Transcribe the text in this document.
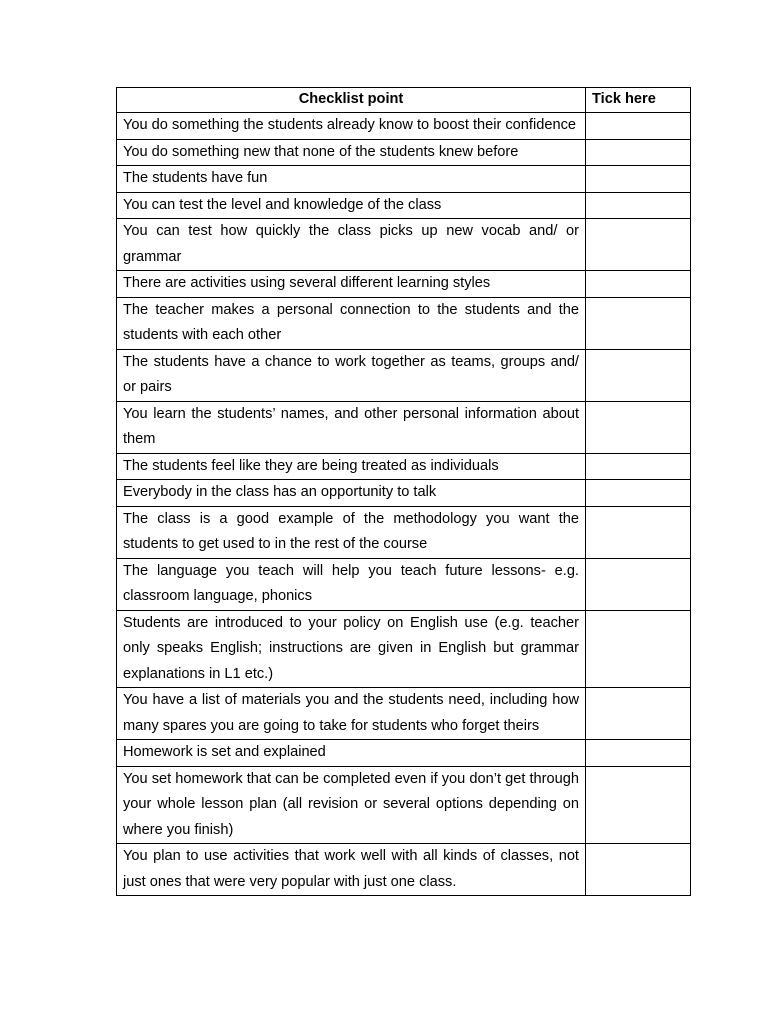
Checklist point	Tick here
You do something the students already know to boost their confidence	
You do something new that none of the students knew before	
The students have fun	
You can test the level and knowledge of the class	
You can test how quickly the class picks up new vocab and/ or grammar	
There are activities using several different learning styles	
The teacher makes a personal connection to the students and the students with each other	
The students have a chance to work together as teams, groups and/ or pairs	
You learn the students’ names, and other personal information about them	
The students feel like they are being treated as individuals	
Everybody in the class has an opportunity to talk	
The class is a good example of the methodology you want the students to get used to in the rest of the course	
The language you teach will help you teach future lessons- e.g. classroom language, phonics	
Students are introduced to your policy on English use (e.g. teacher only speaks English; instructions are given in English but grammar explanations in L1 etc.)	
You have a list of materials you and the students need, including how many spares you are going to take for students who forget theirs	
Homework is set and explained	
You set homework that can be completed even if you don’t get through your whole lesson plan (all revision or several options depending on where you finish)	
You plan to use activities that work well with all kinds of classes, not just ones that were very popular with just one class.	
